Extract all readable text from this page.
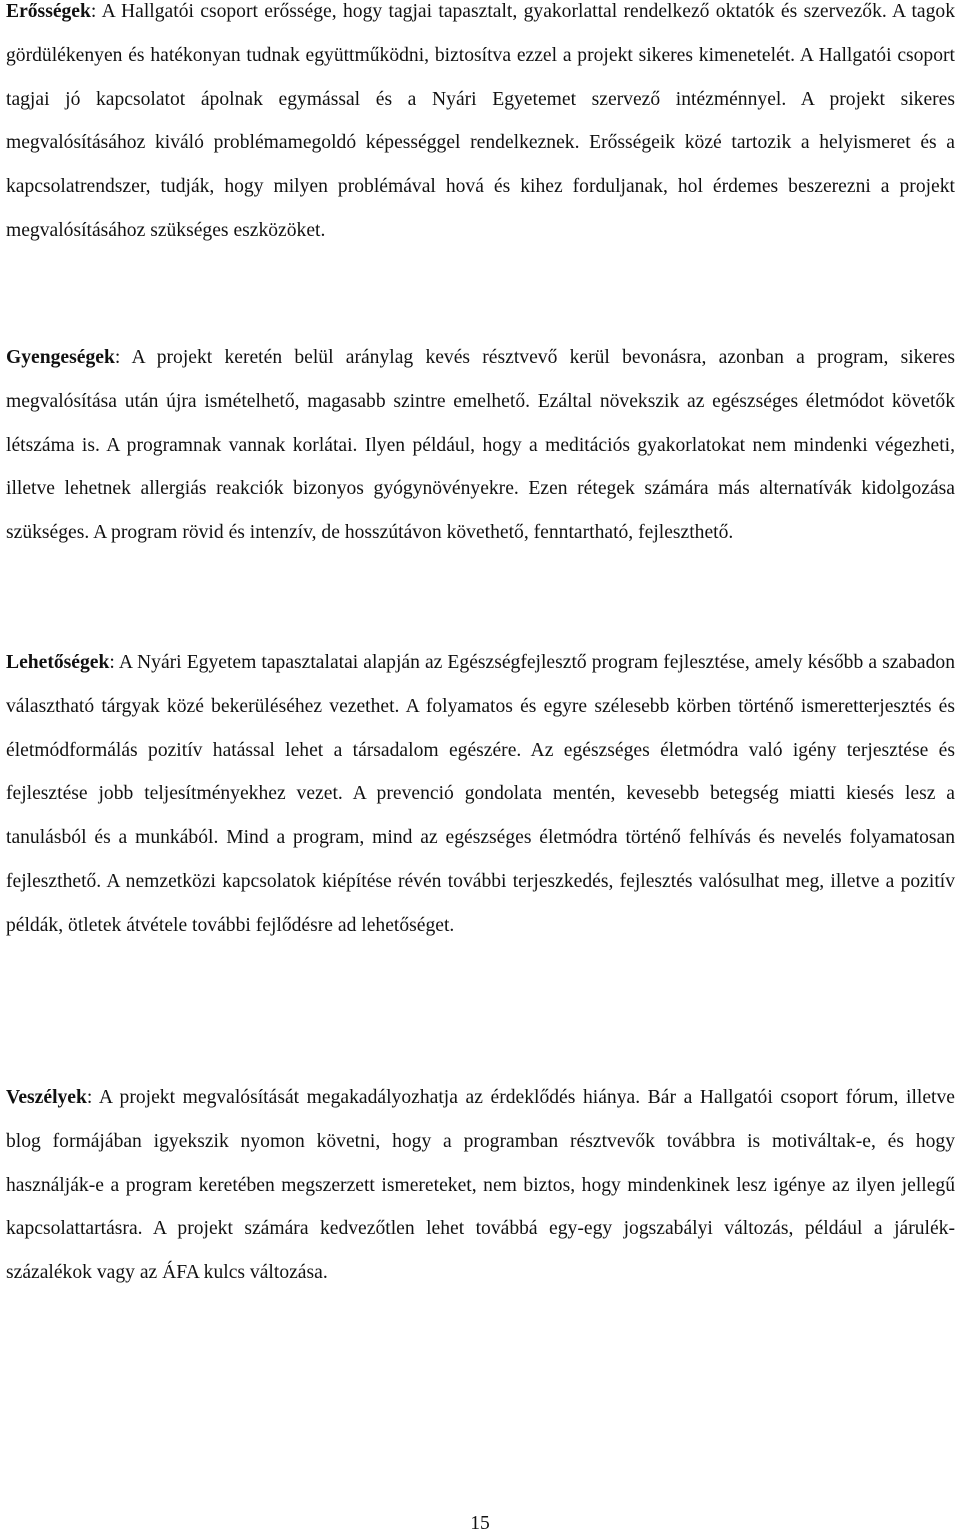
Erősségek: A Hallgatói csoport erőssége, hogy tagjai tapasztalt, gyakorlattal rendelkező oktatók és szervezők. A tagok gördülékenyen és hatékonyan tudnak együttműködni, biztosítva ezzel a projekt sikeres kimenetelét. A Hallgatói csoport tagjai jó kapcsolatot ápolnak egymással és a Nyári Egyetemet szervező intézménnyel. A projekt sikeres megvalósításához kiváló problémamegoldó képességgel rendelkeznek. Erősségeik közé tartozik a helyismeret és a kapcsolatrendszer, tudják, hogy milyen problémával hová és kihez forduljanak, hol érdemes beszerezni a projekt megvalósításához szükséges eszközöket.

Gyengeségek: A projekt keretén belül aránylag kevés résztvevő kerül bevonásra, azonban a program, sikeres megvalósítása után újra ismételhető, magasabb szintre emelhető. Ezáltal növekszik az egészséges életmódot követők létszáma is. A programnak vannak korlátai. Ilyen például, hogy a meditációs gyakorlatokat nem mindenki végezheti, illetve lehetnek allergiás reakciók bizonyos gyógynövényekre. Ezen rétegek számára más alternatívák kidolgozása szükséges. A program rövid és intenzív, de hosszútávon követhető, fenntartható, fejleszthető.

Lehetőségek: A Nyári Egyetem tapasztalatai alapján az Egészségfejlesztő program fejlesztése, amely később a szabadon választható tárgyak közé bekerüléséhez vezethet. A folyamatos és egyre szélesebb körben történő ismeretterjesztés és életmódformálás pozitív hatással lehet a társadalom egészére. Az egészséges életmódra való igény terjesztése és fejlesztése jobb teljesítményekhez vezet. A prevenció gondolata mentén, kevesebb betegség miatti kiesés lesz a tanulásból és a munkából. Mind a program, mind az egészséges életmódra történő felhívás és nevelés folyamatosan fejleszthető. A nemzetközi kapcsolatok kiépítése révén további terjeszkedés, fejlesztés valósulhat meg, illetve a pozitív példák, ötletek átvétele további fejlődésre ad lehetőséget.

Veszélyek: A projekt megvalósítását megakadályozhatja az érdeklődés hiánya. Bár a Hallgatói csoport fórum, illetve blog formájában igyekszik nyomon követni, hogy a programban résztvevők továbbra is motiváltak-e, és hogy használják-e a program keretében megszerzett ismereteket, nem biztos, hogy mindenkinek lesz igénye az ilyen jellegű kapcsolattartásra. A projekt számára kedvezőtlen lehet továbbá egy-egy jogszabályi változás, például a járulék-százalékok vagy az ÁFA kulcs változása.

15
